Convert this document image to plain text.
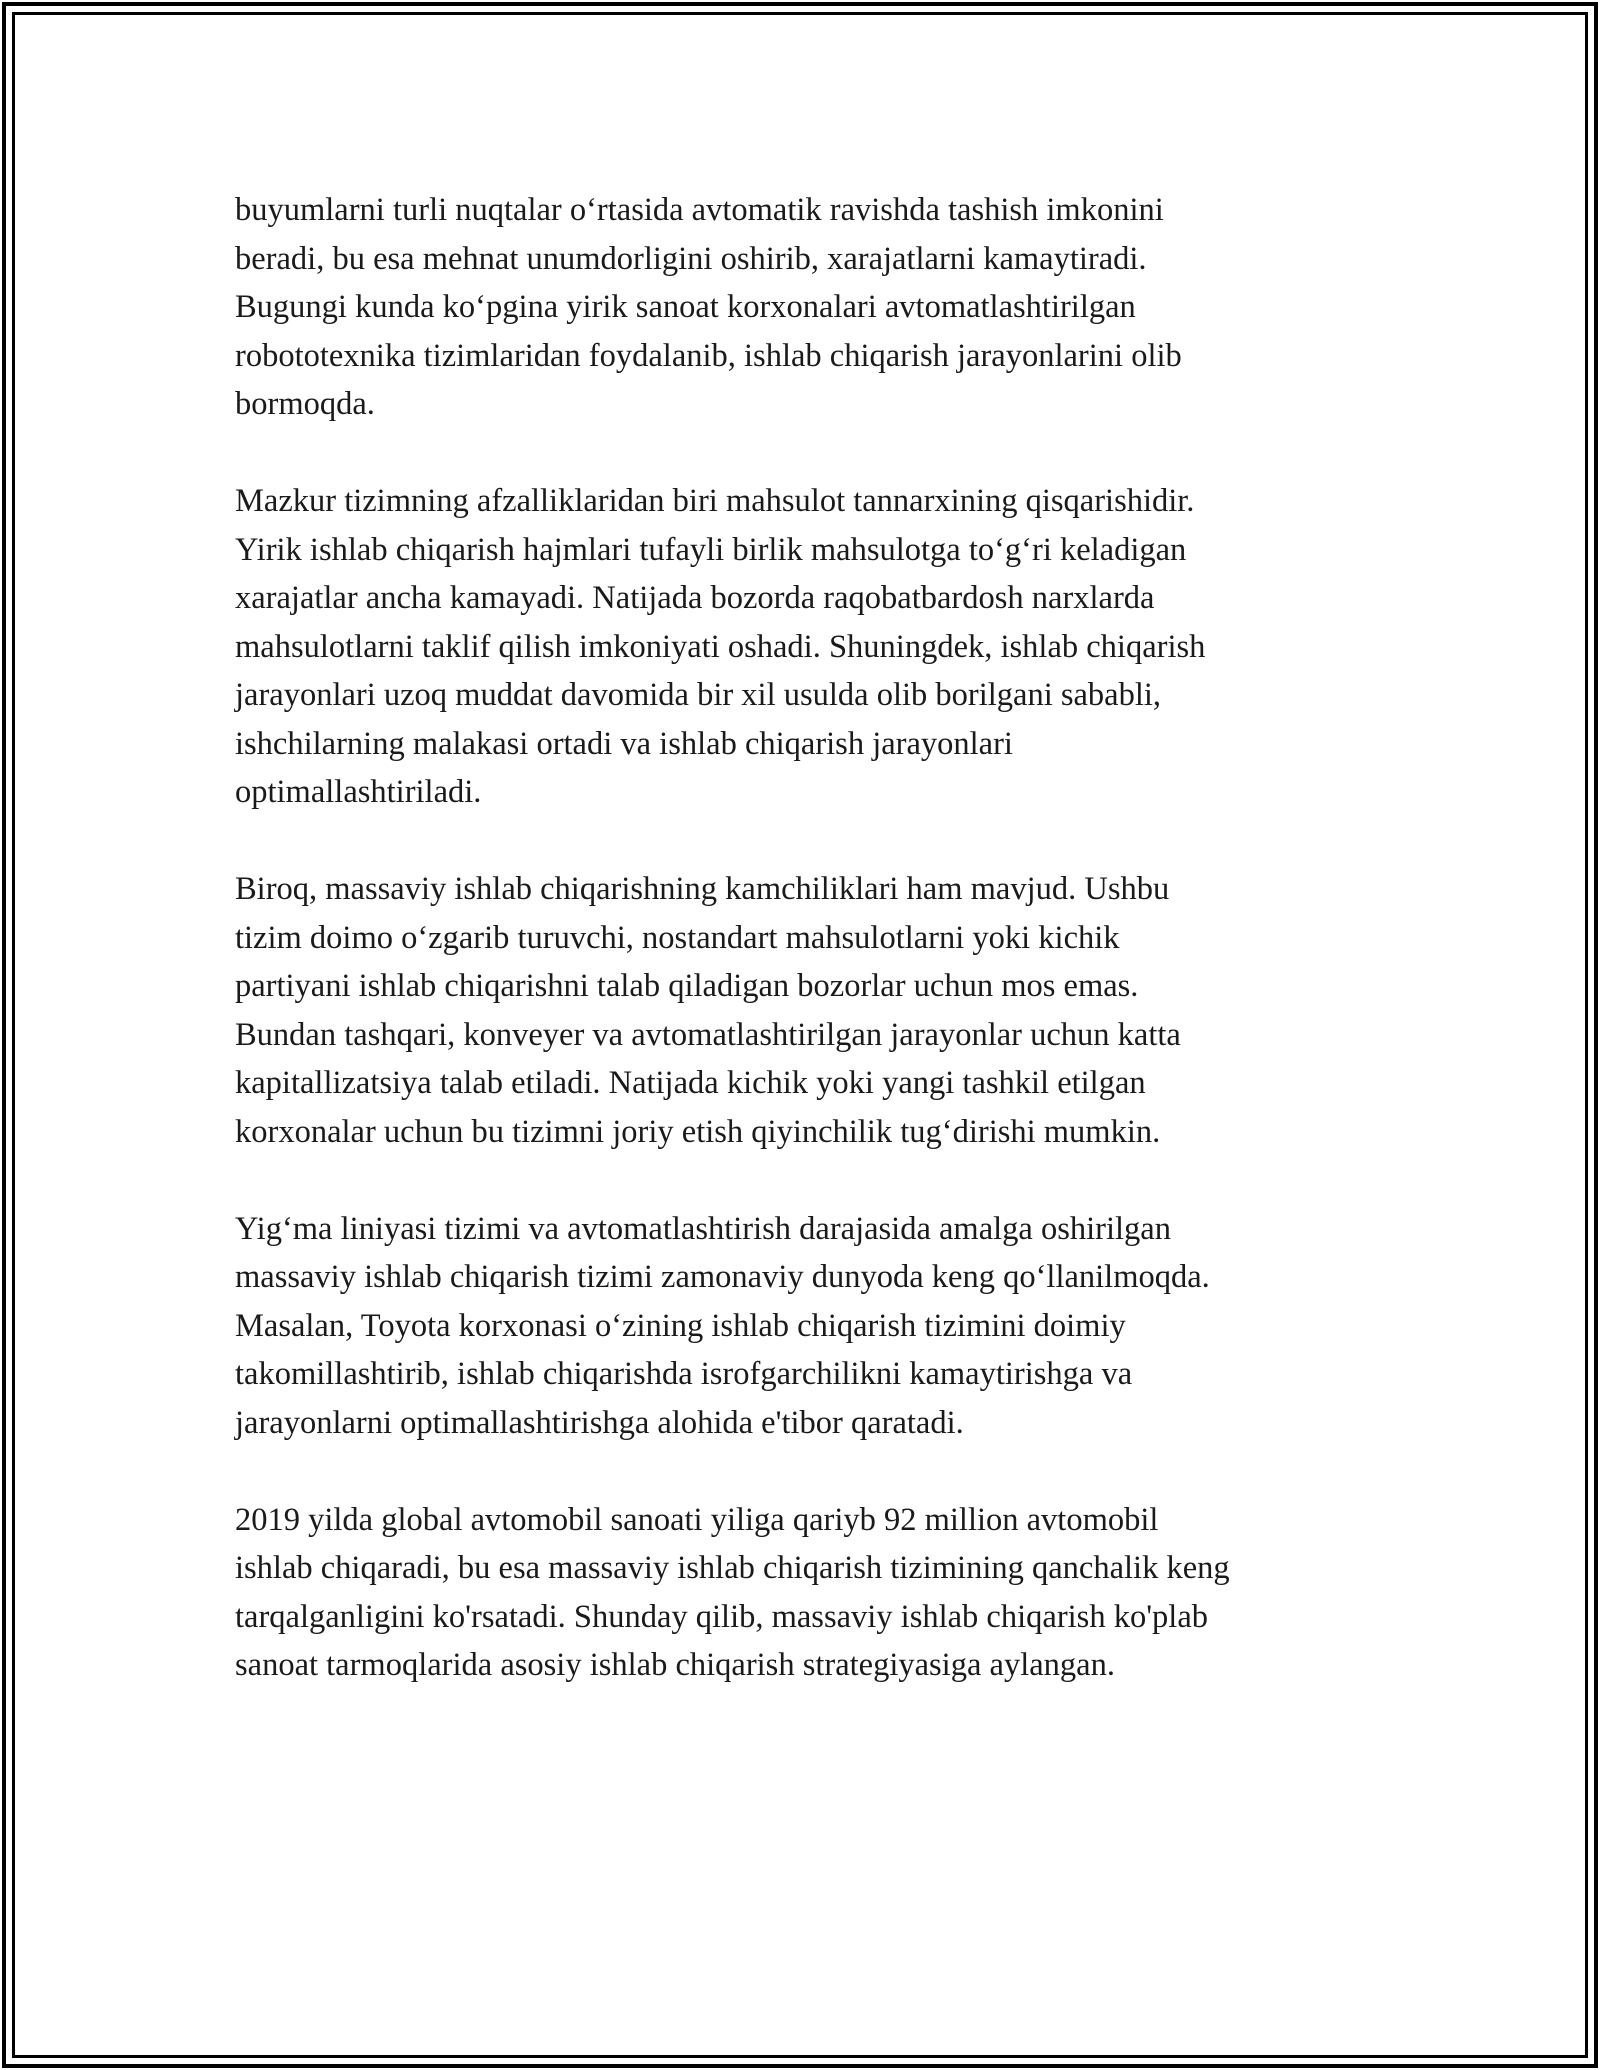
buyumlarni turli nuqtalar o‘rtasida avtomatik ravishda tashish imkonini
beradi, bu esa mehnat unumdorligini oshirib, xarajatlarni kamaytiradi.
Bugungi kunda ko‘pgina yirik sanoat korxonalari avtomatlashtirilgan
robototexnika tizimlaridan foydalanib, ishlab chiqarish jarayonlarini olib
bormoqda.

Mazkur tizimning afzalliklaridan biri mahsulot tannarxining qisqarishidir.
Yirik ishlab chiqarish hajmlari tufayli birlik mahsulotga to‘g‘ri keladigan
xarajatlar ancha kamayadi. Natijada bozorda raqobatbardosh narxlarda
mahsulotlarni taklif qilish imkoniyati oshadi. Shuningdek, ishlab chiqarish
jarayonlari uzoq muddat davomida bir xil usulda olib borilgani sababli,
ishchilarning malakasi ortadi va ishlab chiqarish jarayonlari
optimallashtiriladi.

Biroq, massaviy ishlab chiqarishning kamchiliklari ham mavjud. Ushbu
tizim doimo o‘zgarib turuvchi, nostandart mahsulotlarni yoki kichik
partiyani ishlab chiqarishni talab qiladigan bozorlar uchun mos emas.
Bundan tashqari, konveyer va avtomatlashtirilgan jarayonlar uchun katta
kapitallizatsiya talab etiladi. Natijada kichik yoki yangi tashkil etilgan
korxonalar uchun bu tizimni joriy etish qiyinchilik tug‘dirishi mumkin.

Yig‘ma liniyasi tizimi va avtomatlashtirish darajasida amalga oshirilgan
massaviy ishlab chiqarish tizimi zamonaviy dunyoda keng qo‘llanilmoqda.
Masalan, Toyota korxonasi o‘zining ishlab chiqarish tizimini doimiy
takomillashtirib, ishlab chiqarishda isrofgarchilikni kamaytirishga va
jarayonlarni optimallashtirishga alohida e'tibor qaratadi.

2019 yilda global avtomobil sanoati yiliga qariyb 92 million avtomobil
ishlab chiqaradi, bu esa massaviy ishlab chiqarish tizimining qanchalik keng
tarqalganligini ko'rsatadi. Shunday qilib, massaviy ishlab chiqarish ko'plab
sanoat tarmoqlarida asosiy ishlab chiqarish strategiyasiga aylangan.
